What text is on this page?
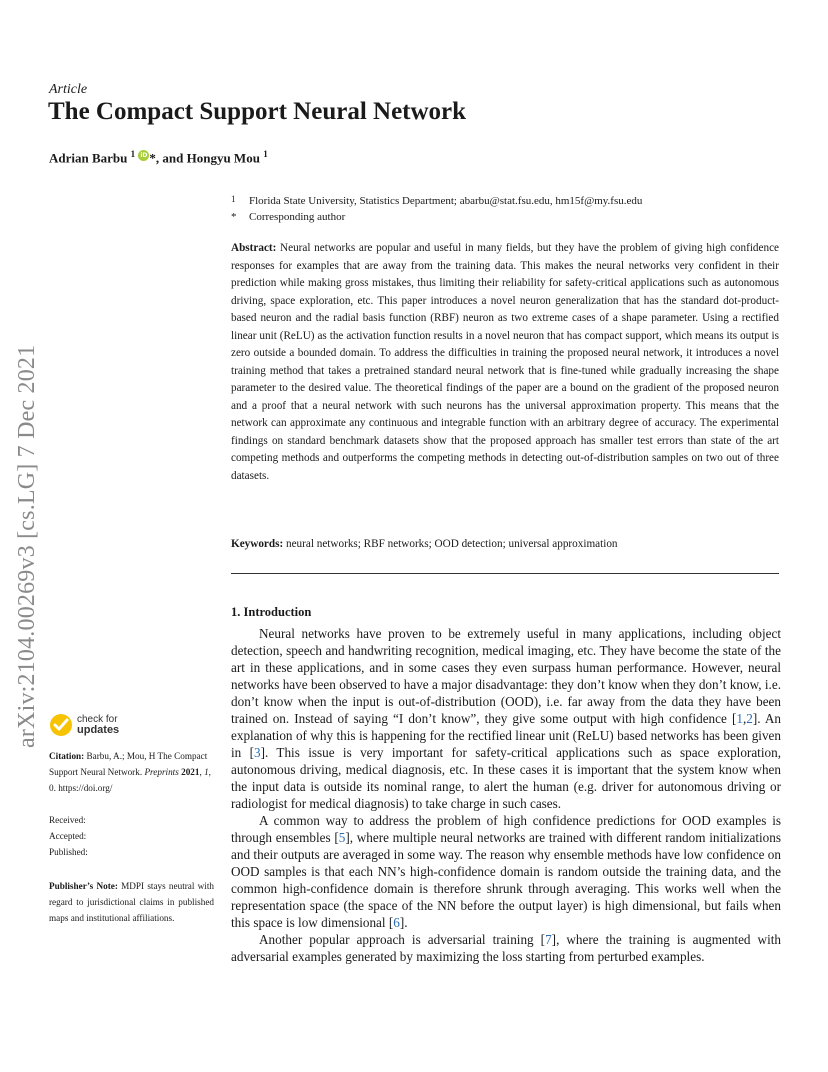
Article
The Compact Support Neural Network
Adrian Barbu $^1$ iD *, and Hongyu Mou $^1$
1 Florida State University, Statistics Department; abarbu@stat.fsu.edu, hm15f@my.fsu.edu
* Corresponding author
Abstract: Neural networks are popular and useful in many fields, but they have the problem of giving high confidence responses for examples that are away from the training data. This makes the neural networks very confident in their prediction while making gross mistakes, thus limiting their reliability for safety-critical applications such as autonomous driving, space exploration, etc. This paper introduces a novel neuron generalization that has the standard dot-product-based neuron and the radial basis function (RBF) neuron as two extreme cases of a shape parameter. Using a rectified linear unit (ReLU) as the activation function results in a novel neuron that has compact support, which means its output is zero outside a bounded domain. To address the difficulties in training the proposed neural network, it introduces a novel training method that takes a pretrained standard neural network that is fine-tuned while gradually increasing the shape parameter to the desired value. The theoretical findings of the paper are a bound on the gradient of the proposed neuron and a proof that a neural network with such neurons has the universal approximation property. This means that the network can approximate any continuous and integrable function with an arbitrary degree of accuracy. The experimental findings on standard benchmark datasets show that the proposed approach has smaller test errors than state of the art competing methods and outperforms the competing methods in detecting out-of-distribution samples on two out of three datasets.
Keywords: neural networks; RBF networks; OOD detection; universal approximation
1. Introduction

Neural networks have proven to be extremely useful in many applications, including object detection, speech and handwriting recognition, medical imaging, etc. They have become the state of the art in these applications, and in some cases they even surpass human performance. However, neural networks have been observed to have a major disadvantage: they don’t know when they don’t know, i.e. don’t know when the input is out-of-distribution (OOD), i.e. far away from the data they have been trained on. Instead of saying “I don’t know”, they give some output with high confidence [1,2]. An explanation of why this is happening for the rectified linear unit (ReLU) based networks has been given in [3]. This issue is very important for safety-critical applications such as space exploration, autonomous driving, medical diagnosis, etc. In these cases it is important that the system know when the input data is outside its nominal range, to alert the human (e.g. driver for autonomous driving or radiologist for medical diagnosis) to take charge in such cases.

A common way to address the problem of high confidence predictions for OOD examples is through ensembles [5], where multiple neural networks are trained with different random initializations and their outputs are averaged in some way. The reason why ensemble methods have low confidence on OOD samples is that each NN’s high-confidence domain is random outside the training data, and the common high-confidence domain is therefore shrunk through averaging. This works well when the representation space (the space of the NN before the output layer) is high dimensional, but fails when this space is low dimensional [6].

Another popular approach is adversarial training [7], where the training is augmented with adversarial examples generated by maximizing the loss starting from perturbed examples.

arXiv:2104.00269v3 [cs.LG] 7 Dec 2021	check for
updates
Citation: Barbu, A.; Mou, H The Compact Support Neural Network. Preprints 2021, 1, 0. https://doi.org/
Received:
Accepted:
Published:
Publisher’s Note: MDPI stays neutral with regard to jurisdictional claims in published maps and institutional affiliations.
